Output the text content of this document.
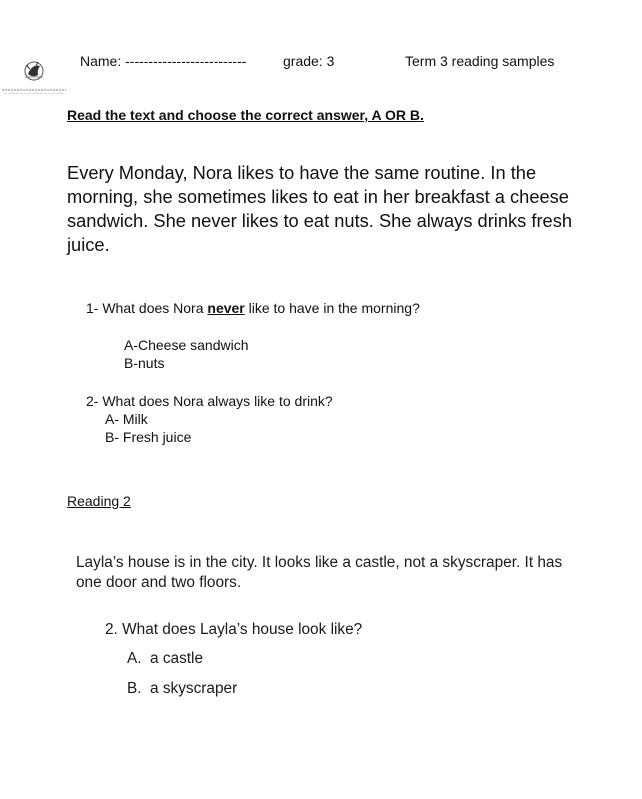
Name: --------------------------	grade: 3	Term 3 reading samples
Read the text and choose the correct answer, A OR B.
Every Monday, Nora likes to have the same routine. In the morning, she sometimes likes to eat in her breakfast a cheese sandwich. She never likes to eat nuts. She always drinks fresh juice.
1- What does Nora never like to have in the morning?
A-Cheese sandwich
B-nuts
2- What does Nora always like to drink?
A- Milk
B- Fresh juice
Reading 2
Layla’s house is in the city. It looks like a castle, not a skyscraper. It has one door and two floors.
2. What does Layla’s house look like?
A. a castle
B. a skyscraper
